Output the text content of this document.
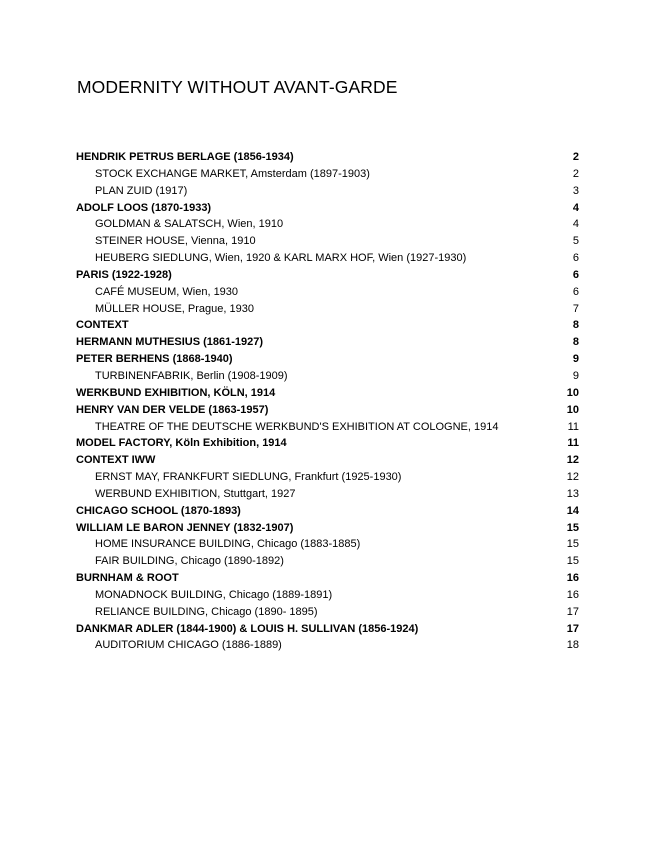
MODERNITY WITHOUT AVANT-GARDE
HENDRIK PETRUS BERLAGE (1856-1934)	2
STOCK EXCHANGE MARKET, Amsterdam (1897-1903)	2
PLAN ZUID (1917)	3
ADOLF LOOS (1870-1933)	4
GOLDMAN & SALATSCH, Wien, 1910	4
STEINER HOUSE, Vienna, 1910	5
HEUBERG SIEDLUNG, Wien, 1920 & KARL MARX HOF, Wien (1927-1930)	6
PARIS (1922-1928)	6
CAFÉ MUSEUM, Wien, 1930	6
MÜLLER HOUSE, Prague, 1930	7
CONTEXT	8
HERMANN MUTHESIUS (1861-1927)	8
PETER BERHENS (1868-1940)	9
TURBINENFABRIK, Berlin (1908-1909)	9
WERKBUND EXHIBITION, KÖLN, 1914	10
HENRY VAN DER VELDE (1863-1957)	10
THEATRE OF THE DEUTSCHE WERKBUND'S EXHIBITION AT COLOGNE, 1914	11
MODEL FACTORY, Köln Exhibition, 1914	11
CONTEXT IWW	12
ERNST MAY, FRANKFURT SIEDLUNG, Frankfurt (1925-1930)	12
WERBUND EXHIBITION, Stuttgart, 1927	13
CHICAGO SCHOOL (1870-1893)	14
WILLIAM LE BARON JENNEY (1832-1907)	15
HOME INSURANCE BUILDING, Chicago (1883-1885)	15
FAIR BUILDING, Chicago (1890-1892)	15
BURNHAM & ROOT	16
MONADNOCK BUILDING, Chicago (1889-1891)	16
RELIANCE BUILDING, Chicago (1890- 1895)	17
DANKMAR ADLER (1844-1900) & LOUIS H. SULLIVAN (1856-1924)	17
AUDITORIUM CHICAGO (1886-1889)	18
